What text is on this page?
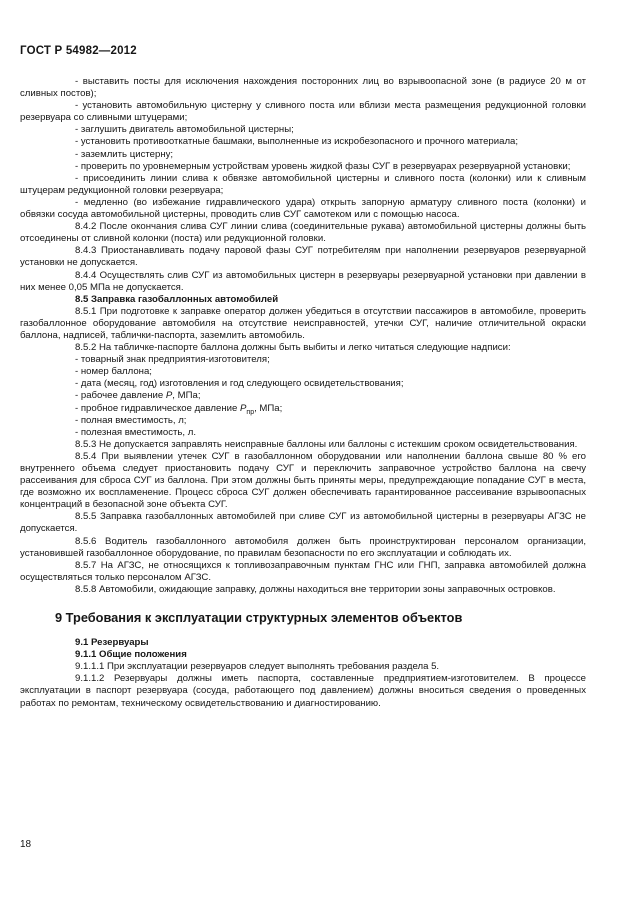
ГОСТ Р 54982—2012

- выставить посты для исключения нахождения посторонних лиц во взрывоопасной зоне (в радиусе 20 м от сливных постов);

- установить автомобильную цистерну у сливного поста или вблизи места размещения редукционной головки резервуара со сливными штуцерами;

- заглушить двигатель автомобильной цистерны;

- установить противооткатные башмаки, выполненные из искробезопасного и прочного материала;

- заземлить цистерну;

- проверить по уровнемерным устройствам уровень жидкой фазы СУГ в резервуарах резервуарной установки;

- присоединить линии слива к обвязке автомобильной цистерны и сливного поста (колонки) или к сливным штуцерам редукционной головки резервуара;

- медленно (во избежание гидравлического удара) открыть запорную арматуру сливного поста (колонки) и обвязки сосуда автомобильной цистерны, проводить слив СУГ самотеком или с помощью насоса.

8.4.2 После окончания слива СУГ линии слива (соединительные рукава) автомобильной цистерны должны быть отсоединены от сливной колонки (поста) или редукционной головки.

8.4.3 Приостанавливать подачу паровой фазы СУГ потребителям при наполнении резервуаров резервуарной установки не допускается.

8.4.4 Осуществлять слив СУГ из автомобильных цистерн в резервуары резервуарной установки при давлении в них менее 0,05 МПа не допускается.

8.5 Заправка газобаллонных автомобилей

8.5.1 При подготовке к заправке оператор должен убедиться в отсутствии пассажиров в автомобиле, проверить газобаллонное оборудование автомобиля на отсутствие неисправностей, утечки СУГ, наличие отличительной окраски баллона, надписей, таблички-паспорта, заземлить автомобиль.

8.5.2 На табличке-паспорте баллона должны быть выбиты и легко читаться следующие надписи:

- товарный знак предприятия-изготовителя;

- номер баллона;

- дата (месяц, год) изготовления и год следующего освидетельствования;

- рабочее давление Р, МПа;

- пробное гидравлическое давление $Р_{пр}$, МПа;

- полная вместимость, л;

- полезная вместимость, л.

8.5.3 Не допускается заправлять неисправные баллоны или баллоны с истекшим сроком освидетельствования.

8.5.4 При выявлении утечек СУГ в газобаллонном оборудовании или наполнении баллона свыше 80 % его внутреннего объема следует приостановить подачу СУГ и переключить заправочное устройство баллона на свечу рассеивания для сброса СУГ из баллона. При этом должны быть приняты меры, предупреждающие попадание СУГ в места, где возможно их воспламенение. Процесс сброса СУГ должен обеспечивать гарантированное рассеивание взрывоопасных концентраций в безопасной зоне объекта СУГ.

8.5.5 Заправка газобаллонных автомобилей при сливе СУГ из автомобильной цистерны в резервуары АГЗС не допускается.

8.5.6 Водитель газобаллонного автомобиля должен быть проинструктирован персоналом организации, установившей газобаллонное оборудование, по правилам безопасности по его эксплуатации и соблюдать их.

8.5.7 На АГЗС, не относящихся к топливозаправочным пунктам ГНС или ГНП, заправка автомобилей должна осуществляться только персоналом АГЗС.

8.5.8 Автомобили, ожидающие заправку, должны находиться вне территории зоны заправочных островков.

9 Требования к эксплуатации структурных элементов объектов

9.1 Резервуары

9.1.1 Общие положения

9.1.1.1 При эксплуатации резервуаров следует выполнять требования раздела 5.

9.1.1.2 Резервуары должны иметь паспорта, составленные предприятием-изготовителем. В процессе эксплуатации в паспорт резервуара (сосуда, работающего под давлением) должны вноситься сведения о проведенных работах по ремонтам, техническому освидетельствованию и диагностированию.

18
